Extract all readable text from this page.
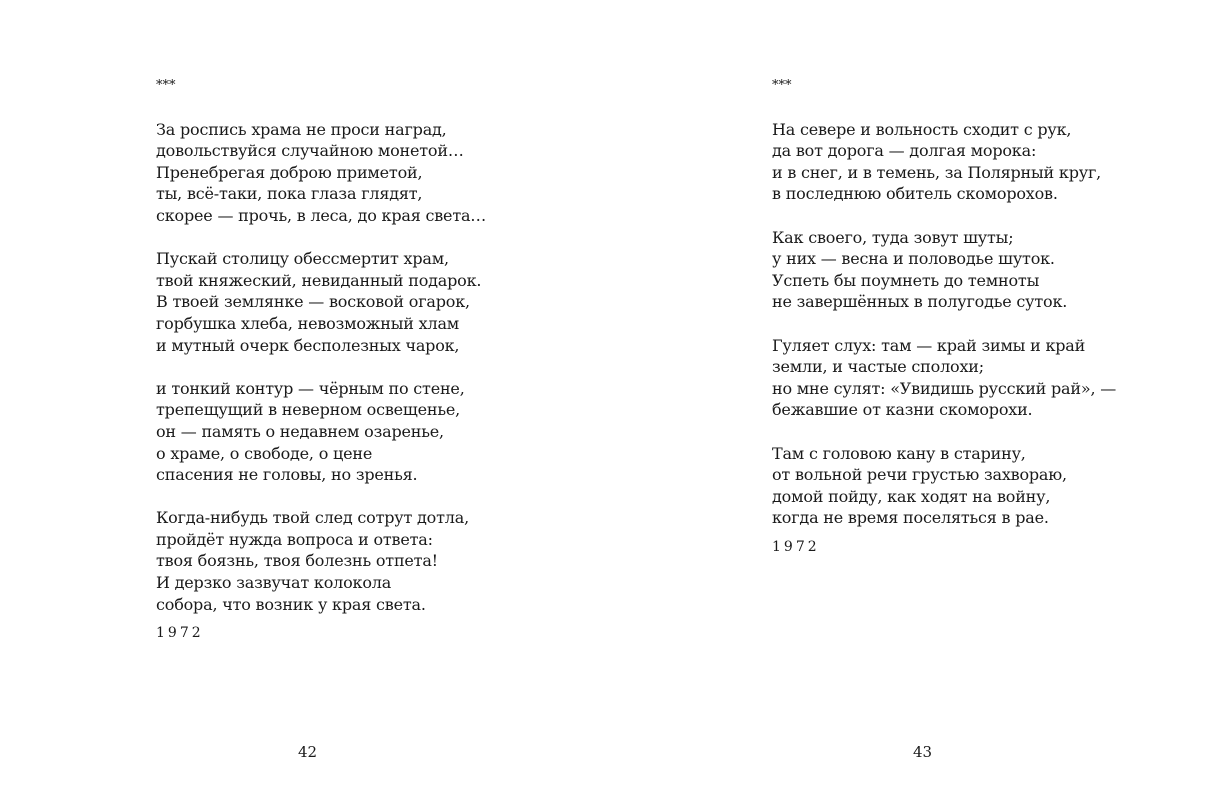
***
За роспись храма не проси наград,
довольствуйся случайною монетой…
Пренебрегая доброю приметой,
ты, всё-таки, пока глаза глядят,
скорее — прочь, в леса, до края света…
Пускай столицу обессмертит храм,
твой княжеский, невиданный подарок.
В твоей землянке — восковой огарок,
горбушка хлеба, невозможный хлам
и мутный очерк бесполезных чарок,
и тонкий контур — чёрным по стене,
трепещущий в неверном освещенье,
он — память о недавнем озаренье,
о храме, о свободе, о цене
спасения не головы, но зренья.
Когда-нибудь твой след сотрут дотла,
пройдёт нужда вопроса и ответа:
твоя боязнь, твоя болезнь отпета!
И дерзко зазвучат колокола
собора, что возник у края света.
1972
42
***
На севере и вольность сходит с рук,
да вот дорога — долгая морока:
и в снег, и в темень, за Полярный круг,
в последнюю обитель скоморохов.
Как своего, туда зовут шуты;
у них — весна и половодье шуток.
Успеть бы поумнеть до темноты
не завершённых в полугодье суток.
Гуляет слух: там — край зимы и край
земли, и частые сполохи;
но мне сулят: «Увидишь русский рай», —
бежавшие от казни скоморохи.
Там с головою кану в старину,
от вольной речи грустью захвораю,
домой пойду, как ходят на войну,
когда не время поселяться в рае.
1972
43
